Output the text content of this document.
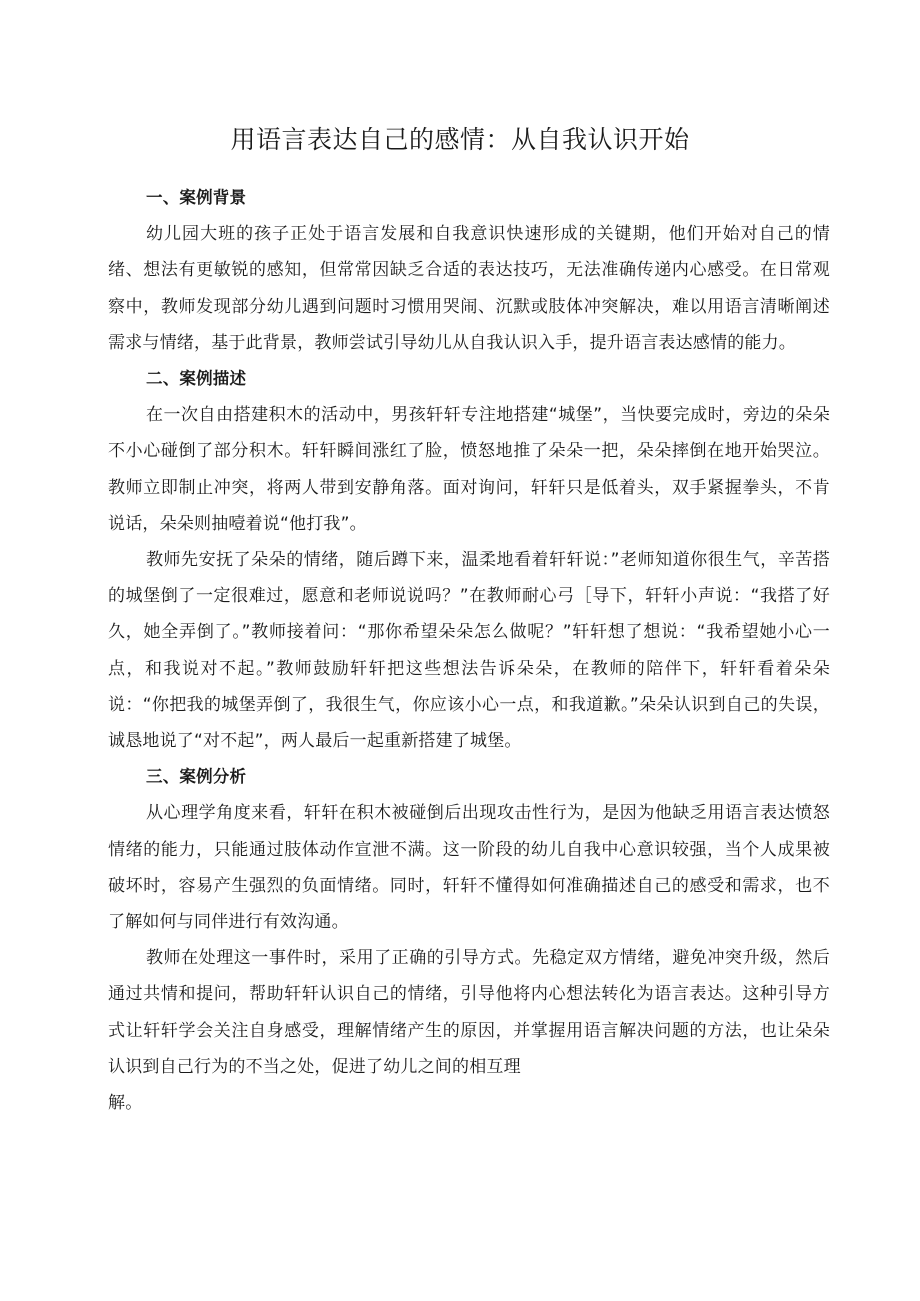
用语言表达自己的感情：从自我认识开始

一、案例背景

幼儿园大班的孩子正处于语言发展和自我意识快速形成的关键期，他们开始对自己的情绪、想法有更敏锐的感知，但常常因缺乏合适的表达技巧，无法准确传递内心感受。在日常观察中，教师发现部分幼儿遇到问题时习惯用哭闹、沉默或肢体冲突解决，难以用语言清晰阐述需求与情绪，基于此背景，教师尝试引导幼儿从自我认识入手，提升语言表达感情的能力。

二、案例描述

在一次自由搭建积木的活动中，男孩轩轩专注地搭建“城堡”，当快要完成时，旁边的朵朵不小心碰倒了部分积木。轩轩瞬间涨红了脸，愤怒地推了朵朵一把，朵朵摔倒在地开始哭泣。教师立即制止冲突，将两人带到安静角落。面对询问，轩轩只是低着头，双手紧握拳头，不肯说话，朵朵则抽噎着说“他打我”。

教师先安抚了朵朵的情绪，随后蹲下来，温柔地看着轩轩说：”老师知道你很生气，辛苦搭的城堡倒了一定很难过，愿意和老师说说吗？”在教师耐心弓［导下，轩轩小声说：“我搭了好久，她全弄倒了。”教师接着问：“那你希望朵朵怎么做呢？”轩轩想了想说：“我希望她小心一点，和我说对不起。”教师鼓励轩轩把这些想法告诉朵朵，在教师的陪伴下，轩轩看着朵朵说：“你把我的城堡弄倒了，我很生气，你应该小心一点，和我道歉。”朵朵认识到自己的失误，诚恳地说了“对不起”，两人最后一起重新搭建了城堡。

三、案例分析

从心理学角度来看，轩轩在积木被碰倒后出现攻击性行为，是因为他缺乏用语言表达愤怒情绪的能力，只能通过肢体动作宣泄不满。这一阶段的幼儿自我中心意识较强，当个人成果被破坏时，容易产生强烈的负面情绪。同时，轩轩不懂得如何准确描述自己的感受和需求，也不了解如何与同伴进行有效沟通。

教师在处理这一事件时，采用了正确的引导方式。先稳定双方情绪，避免冲突升级，然后通过共情和提问，帮助轩轩认识自己的情绪，引导他将内心想法转化为语言表达。这种引导方式让轩轩学会关注自身感受，理解情绪产生的原因，并掌握用语言解决问题的方法，也让朵朵认识到自己行为的不当之处，促进了幼儿之间的相互理

解。
